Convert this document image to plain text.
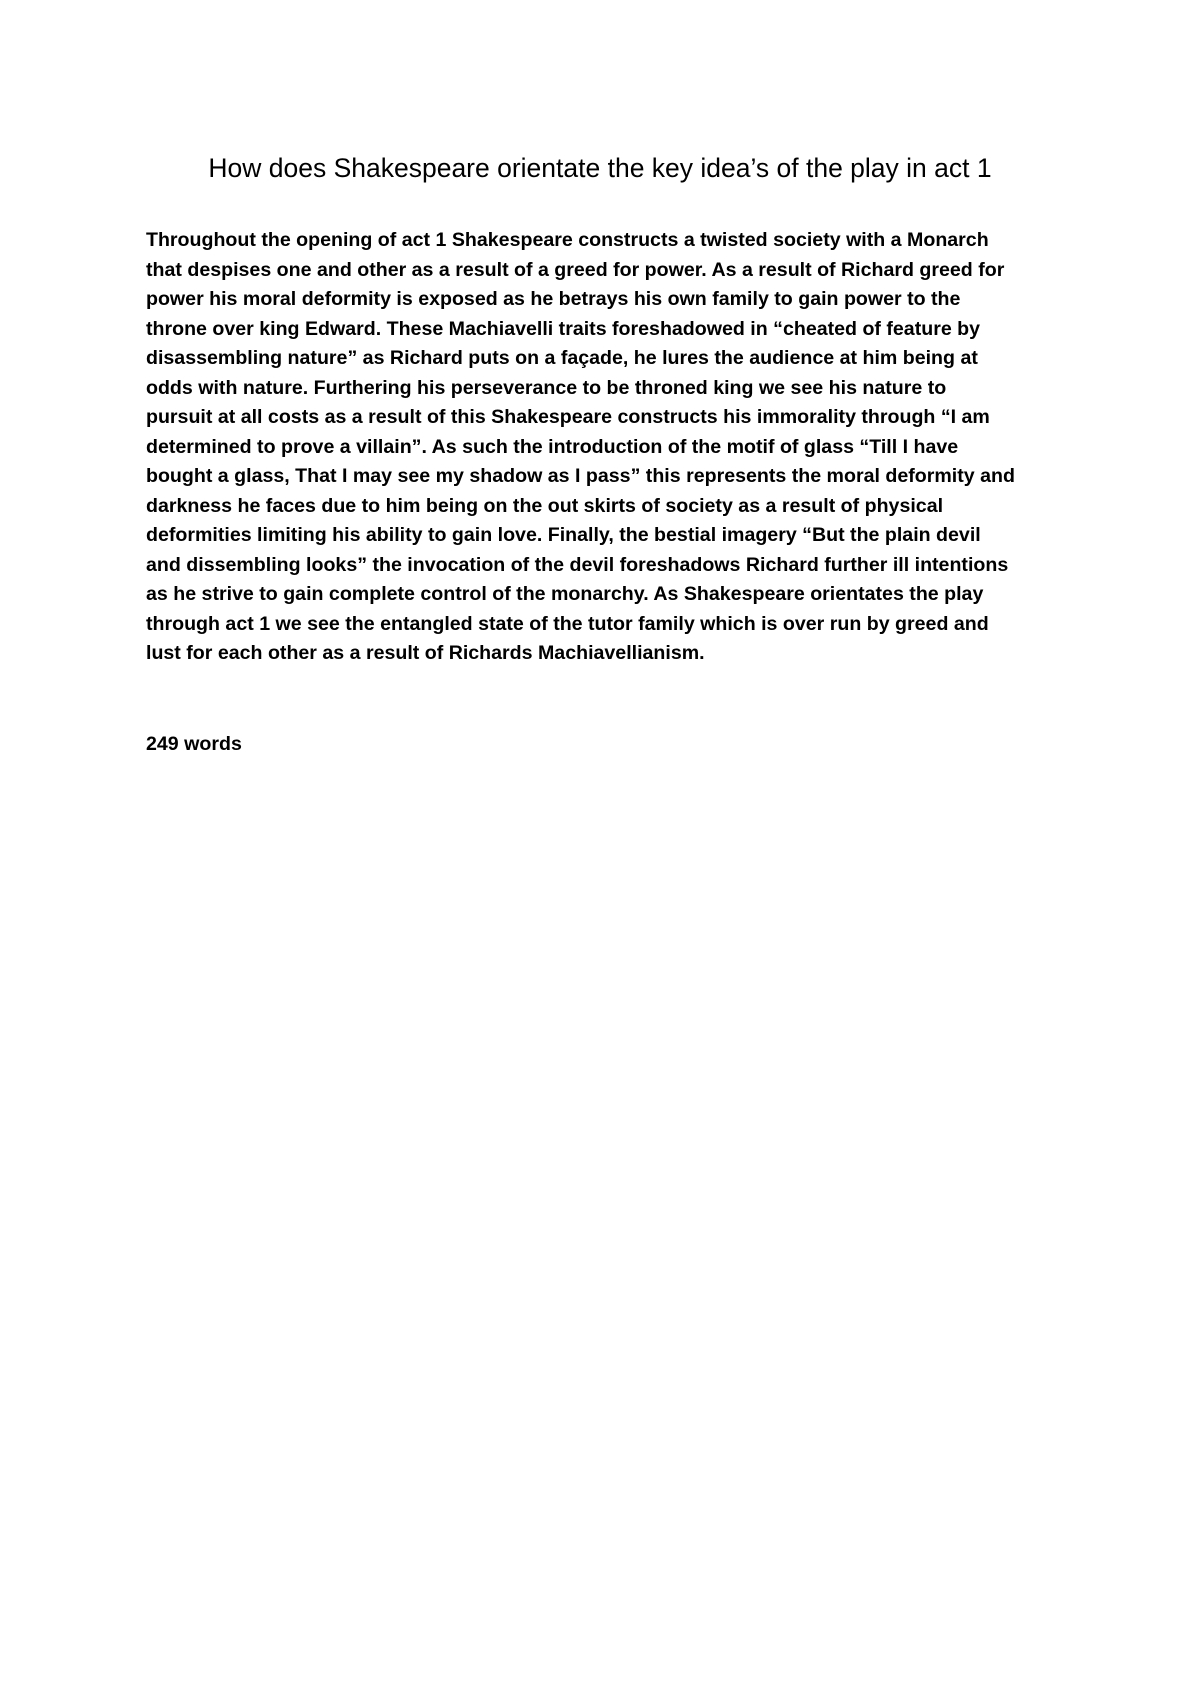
How does Shakespeare orientate the key idea’s of the play in act 1
Throughout the opening of act 1 Shakespeare constructs a twisted society with a Monarch
that despises one and other as a result of a greed for power. As a result of Richard greed for
power his moral deformity is exposed as he betrays his own family to gain power to the
throne over king Edward. These Machiavelli traits foreshadowed in “cheated of feature by
disassembling nature” as Richard puts on a façade, he lures the audience at him being at
odds with nature. Furthering his perseverance to be throned king we see his nature to
pursuit at all costs as a result of this Shakespeare constructs his immorality through “I am
determined to prove a villain”. As such the introduction of the motif of glass “Till I have
bought a glass, That I may see my shadow as I pass” this represents the moral deformity and
darkness he faces due to him being on the out skirts of society as a result of physical
deformities limiting his ability to gain love. Finally, the bestial imagery “But the plain devil
and dissembling looks” the invocation of the devil foreshadows Richard further ill intentions
as he strive to gain complete control of the monarchy. As Shakespeare orientates the play
through act 1 we see the entangled state of the tutor family which is over run by greed and
lust for each other as a result of Richards Machiavellianism.

249 words
